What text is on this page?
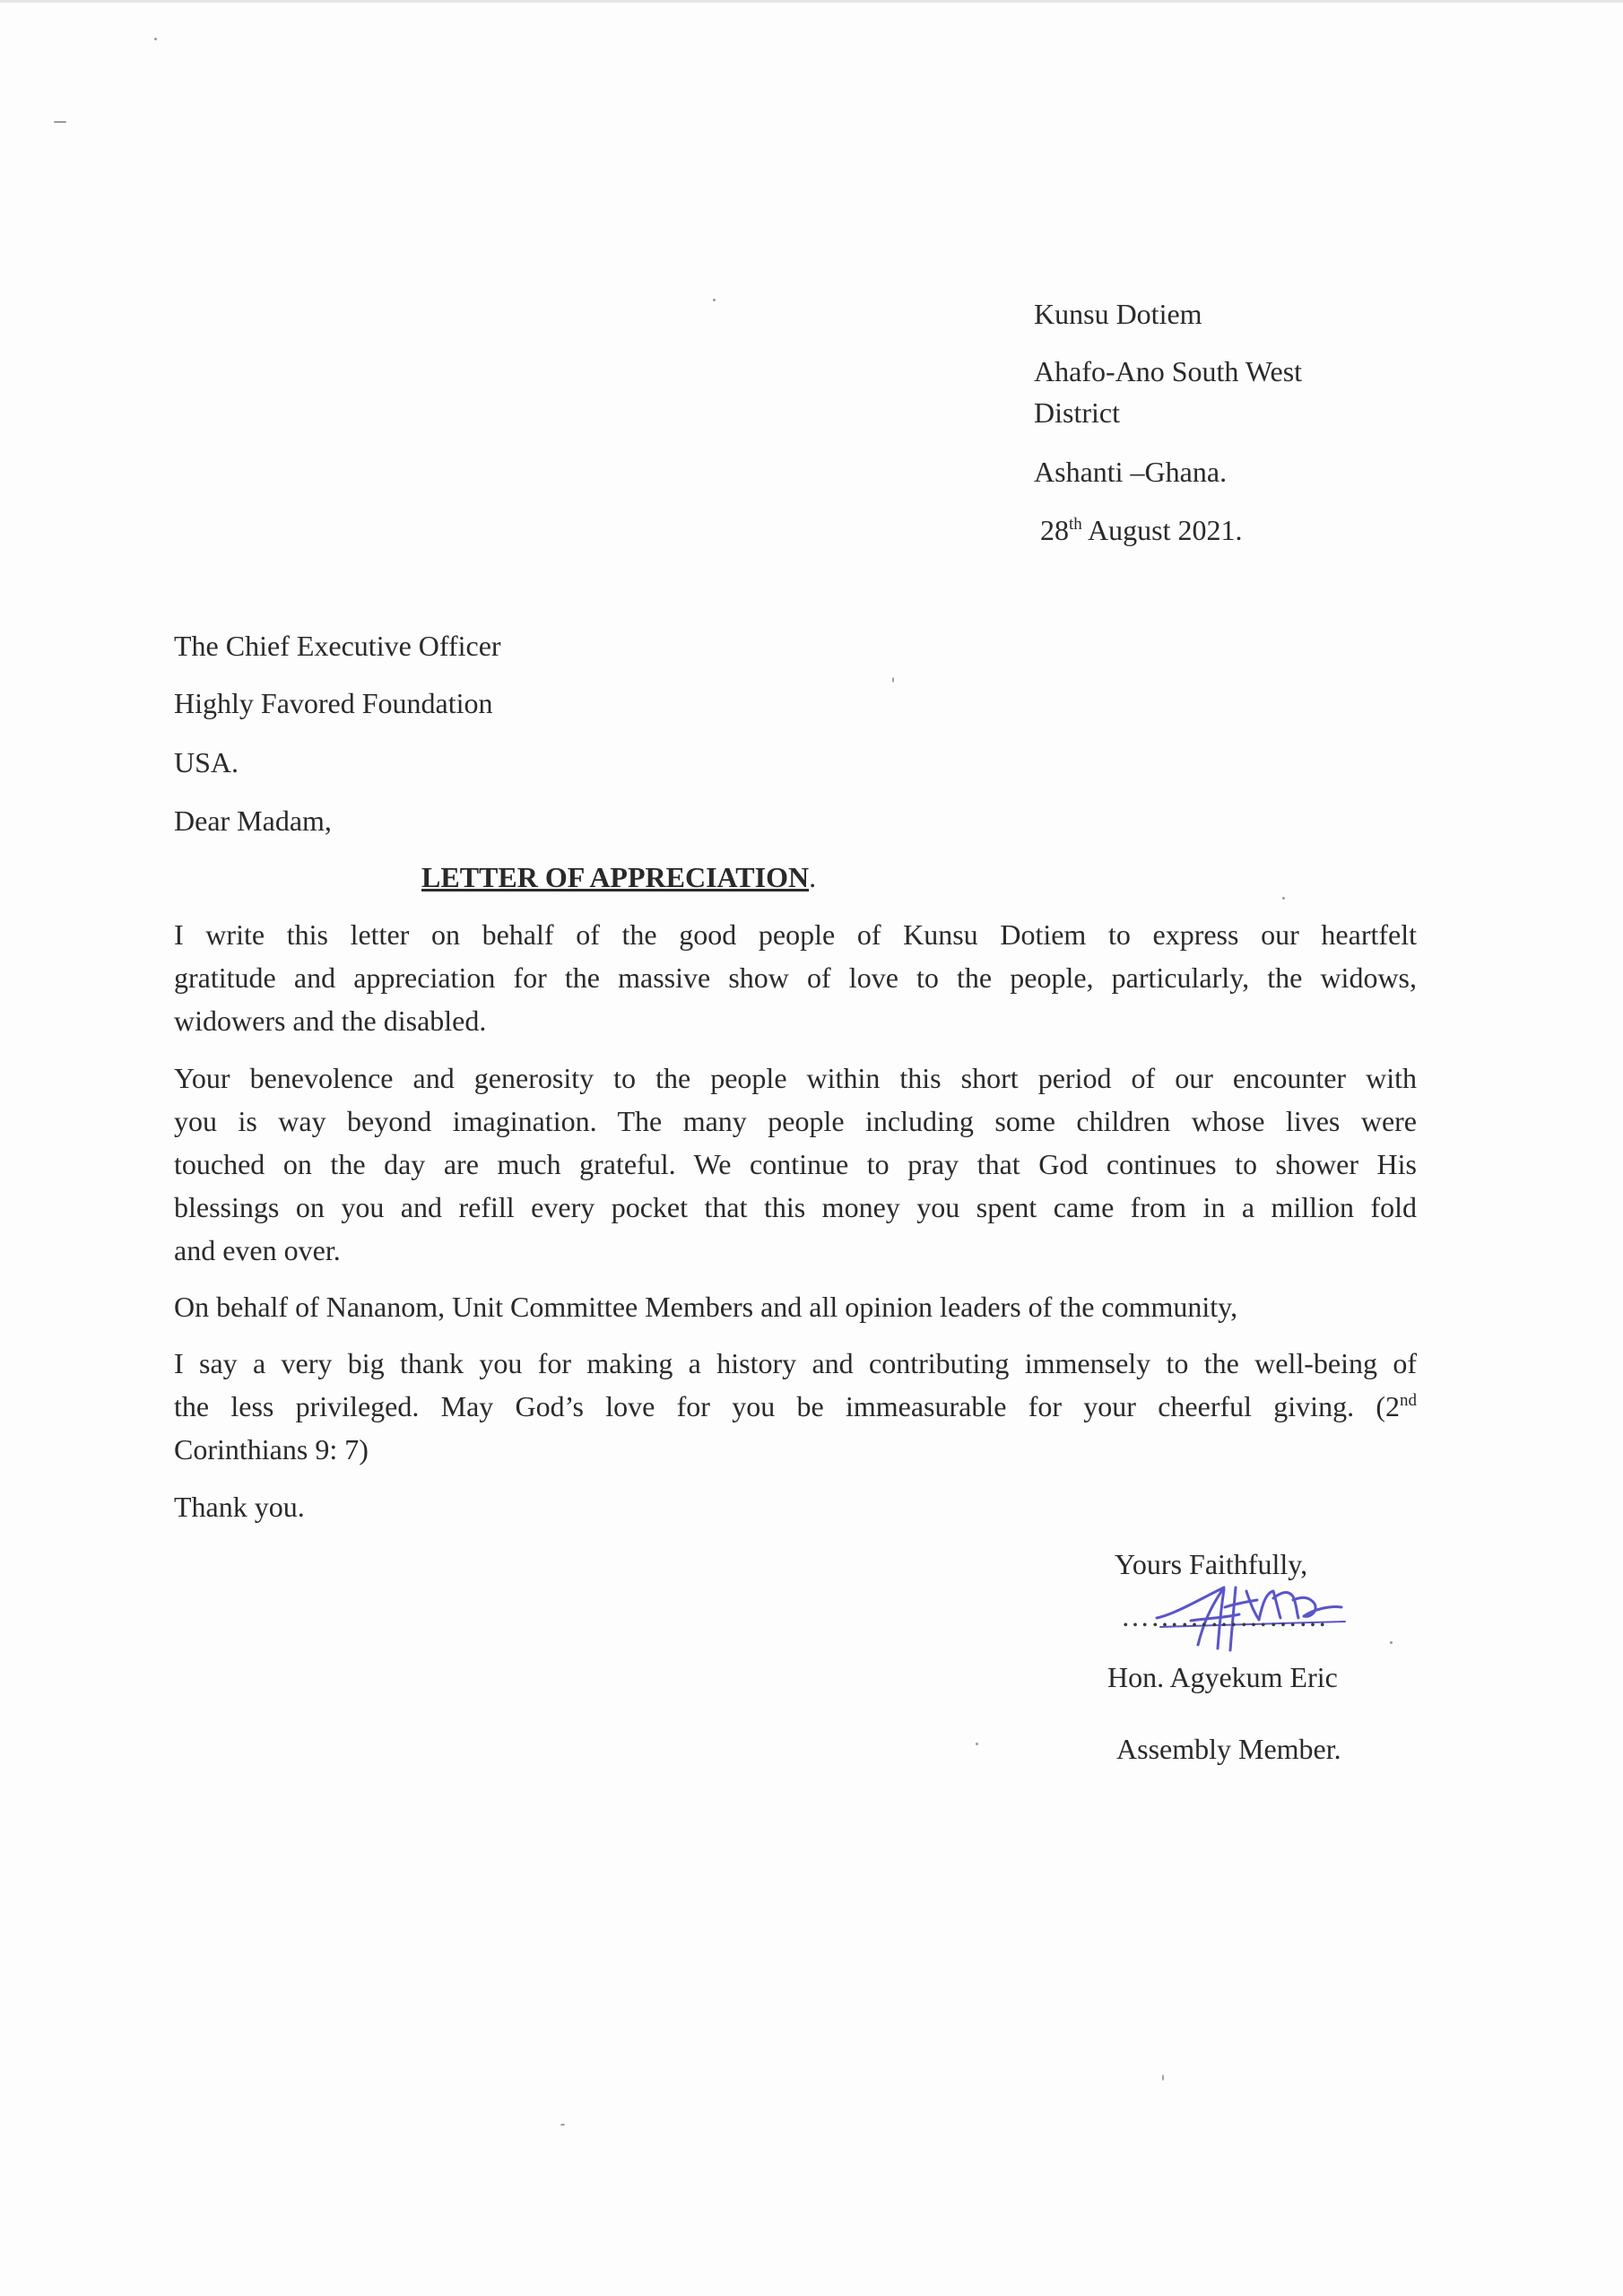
Kunsu Dotiem
Ahafo-Ano South West
District
Ashanti –Ghana.
28th August 2021.
The Chief Executive Officer
Highly Favored Foundation
USA.
Dear Madam,
LETTER OF APPRECIATION.
I write this letter on behalf of the good people of Kunsu Dotiem to express our heartfelt
gratitude and appreciation for the massive show of love to the people, particularly, the widows,
widowers and the disabled.
Your benevolence and generosity to the people within this short period of our encounter with
you is way beyond imagination. The many people including some children whose lives were
touched on the day are much grateful. We continue to pray that God continues to shower His
blessings on you and refill every pocket that this money you spent came from in a million fold
and even over.
On behalf of Nananom, Unit Committee Members and all opinion leaders of the community,
I say a very big thank you for making a history and contributing immensely to the well-being of
the less privileged. May God’s love for you be immeasurable for your cheerful giving. (2nd
Corinthians 9: 7)
Thank you.
Yours Faithfully,
…………………
Hon. Agyekum Eric
Assembly Member.
